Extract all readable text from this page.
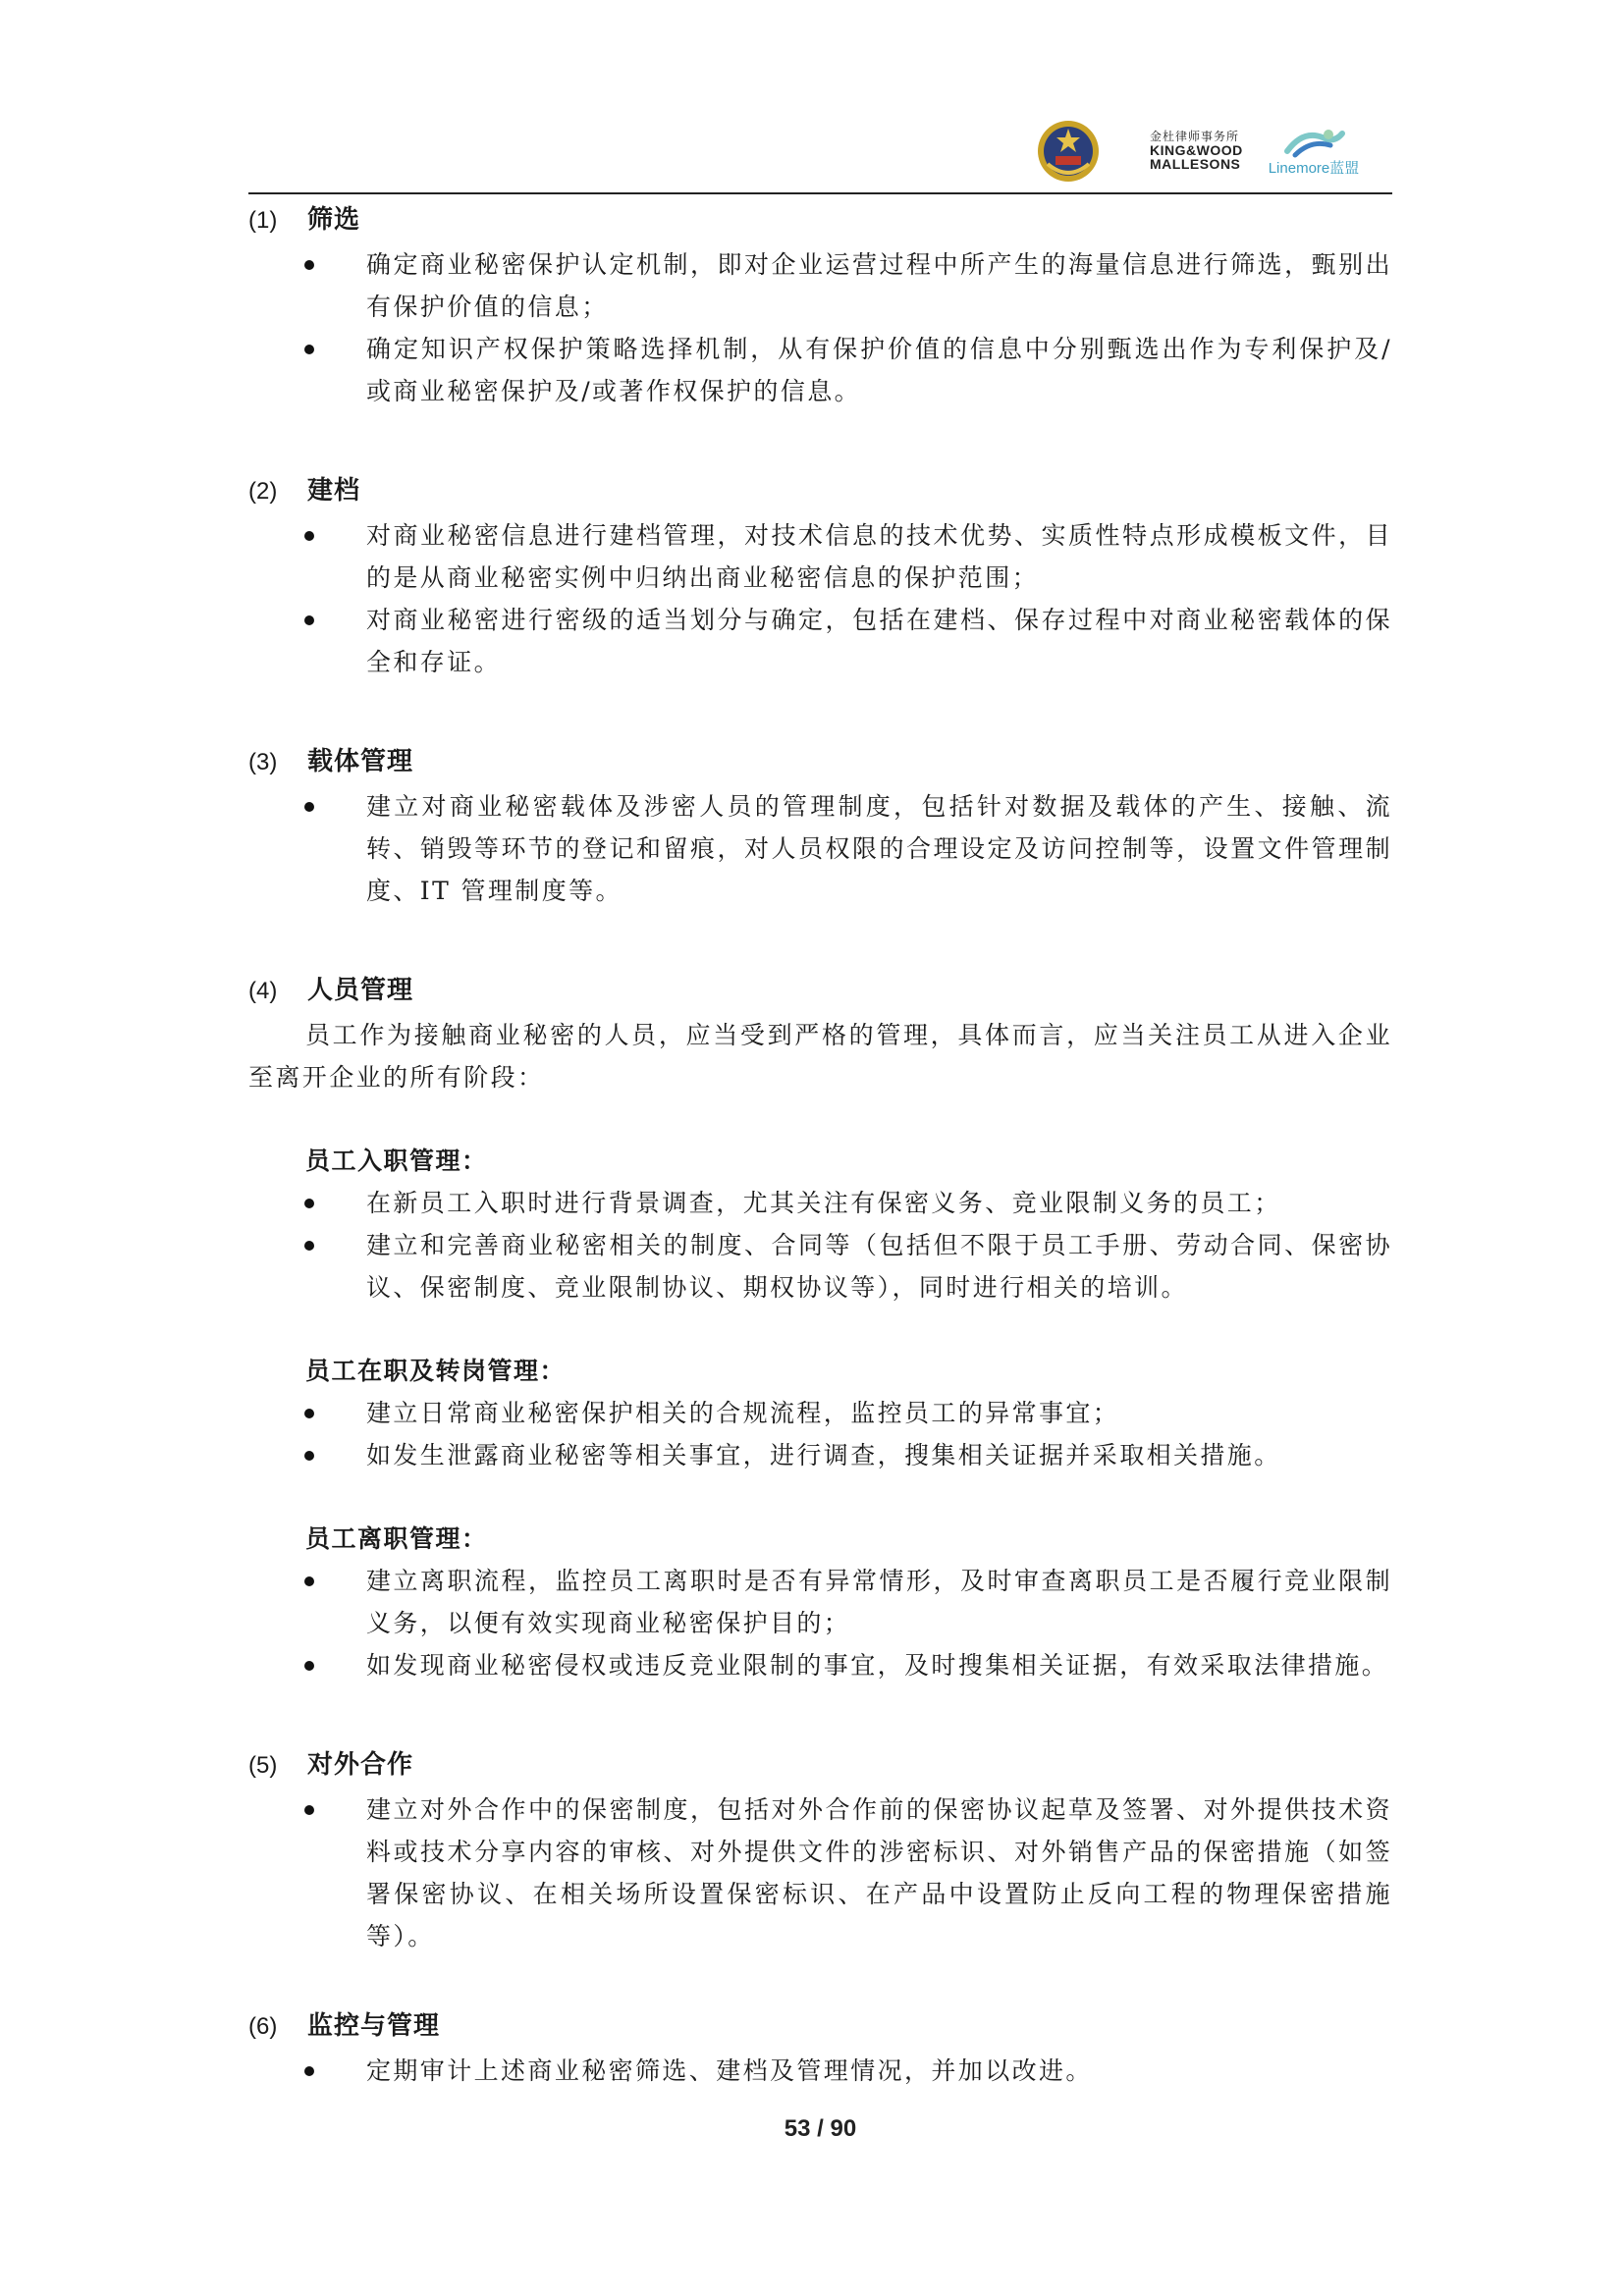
金杜律师事务所
KING&WOOD
MALLESONS Linemore蓝盟
(1)	筛选
确定商业秘密保护认定机制，即对企业运营过程中所产生的海量信息进行筛选，甄别出有保护价值的信息；
确定知识产权保护策略选择机制，从有保护价值的信息中分别甄选出作为专利保护及/或商业秘密保护及/或著作权保护的信息。
(2)	建档
对商业秘密信息进行建档管理，对技术信息的技术优势、实质性特点形成模板文件，目的是从商业秘密实例中归纳出商业秘密信息的保护范围；
对商业秘密进行密级的适当划分与确定，包括在建档、保存过程中对商业秘密载体的保全和存证。
(3)	载体管理
建立对商业秘密载体及涉密人员的管理制度，包括针对数据及载体的产生、接触、流转、销毁等环节的登记和留痕，对人员权限的合理设定及访问控制等，设置文件管理制度、IT 管理制度等。
(4)	人员管理
员工作为接触商业秘密的人员，应当受到严格的管理，具体而言，应当关注员工从进入企业至离开企业的所有阶段：
员工入职管理：
在新员工入职时进行背景调查，尤其关注有保密义务、竞业限制义务的员工；
建立和完善商业秘密相关的制度、合同等（包括但不限于员工手册、劳动合同、保密协议、保密制度、竞业限制协议、期权协议等），同时进行相关的培训。
员工在职及转岗管理：
建立日常商业秘密保护相关的合规流程，监控员工的异常事宜；
如发生泄露商业秘密等相关事宜，进行调查，搜集相关证据并采取相关措施。
员工离职管理：
建立离职流程，监控员工离职时是否有异常情形，及时审查离职员工是否履行竞业限制义务，以便有效实现商业秘密保护目的；
如发现商业秘密侵权或违反竞业限制的事宜，及时搜集相关证据，有效采取法律措施。
(5)	对外合作
建立对外合作中的保密制度，包括对外合作前的保密协议起草及签署、对外提供技术资料或技术分享内容的审核、对外提供文件的涉密标识、对外销售产品的保密措施（如签署保密协议、在相关场所设置保密标识、在产品中设置防止反向工程的物理保密措施等）。
(6)	监控与管理
定期审计上述商业秘密筛选、建档及管理情况，并加以改进。
53 / 90
